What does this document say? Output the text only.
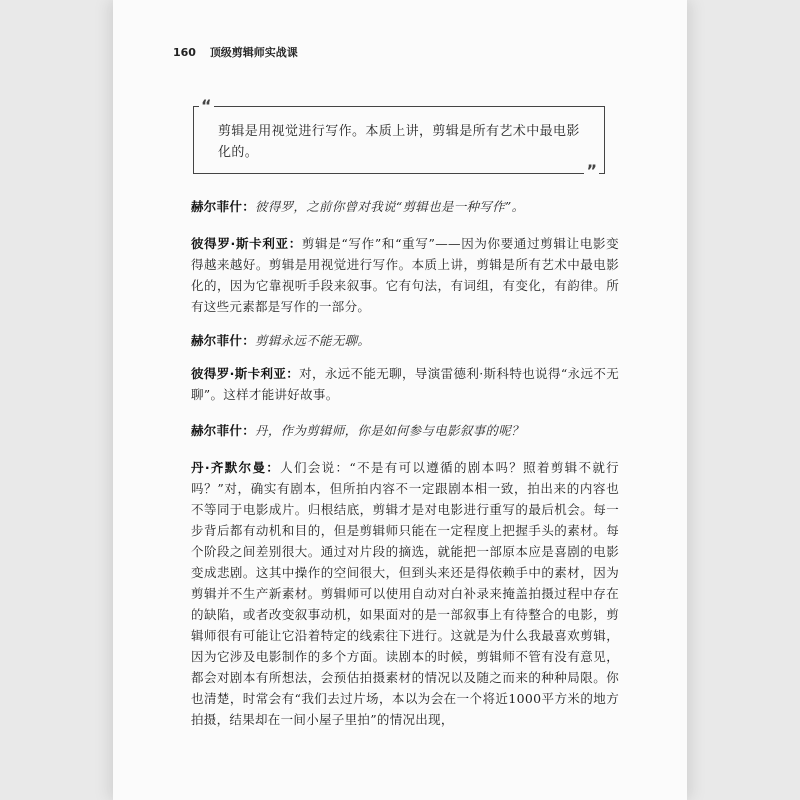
160 顶级剪辑师实战课
“
剪辑是用视觉进行写作。本质上讲，剪辑是所有艺术中最电影化的。
”
赫尔菲什：彼得罗，之前你曾对我说“剪辑也是一种写作”。
彼得罗·斯卡利亚：剪辑是“写作”和“重写”——因为你要通过剪辑让电影变得越来越好。剪辑是用视觉进行写作。本质上讲，剪辑是所有艺术中最电影化的，因为它靠视听手段来叙事。它有句法，有词组，有变化，有韵律。所有这些元素都是写作的一部分。
赫尔菲什：剪辑永远不能无聊。
彼得罗·斯卡利亚：对，永远不能无聊，导演雷德利·斯科特也说得“永远不无聊”。这样才能讲好故事。
赫尔菲什：丹，作为剪辑师，你是如何参与电影叙事的呢？
丹·齐默尔曼：人们会说：“不是有可以遵循的剧本吗？照着剪辑不就行吗？”对，确实有剧本，但所拍内容不一定跟剧本相一致，拍出来的内容也不等同于电影成片。归根结底，剪辑才是对电影进行重写的最后机会。每一步背后都有动机和目的，但是剪辑师只能在一定程度上把握手头的素材。每个阶段之间差别很大。通过对片段的摘选，就能把一部原本应是喜剧的电影变成悲剧。这其中操作的空间很大，但到头来还是得依赖手中的素材，因为剪辑并不生产新素材。剪辑师可以使用自动对白补录来掩盖拍摄过程中存在的缺陷，或者改变叙事动机，如果面对的是一部叙事上有待整合的电影，剪辑师很有可能让它沿着特定的线索往下进行。这就是为什么我最喜欢剪辑，因为它涉及电影制作的多个方面。读剧本的时候，剪辑师不管有没有意见，都会对剧本有所想法，会预估拍摄素材的情况以及随之而来的种种局限。你也清楚，时常会有“我们去过片场，本以为会在一个将近1000平方米的地方拍摄，结果却在一间小屋子里拍”的情况出现，
